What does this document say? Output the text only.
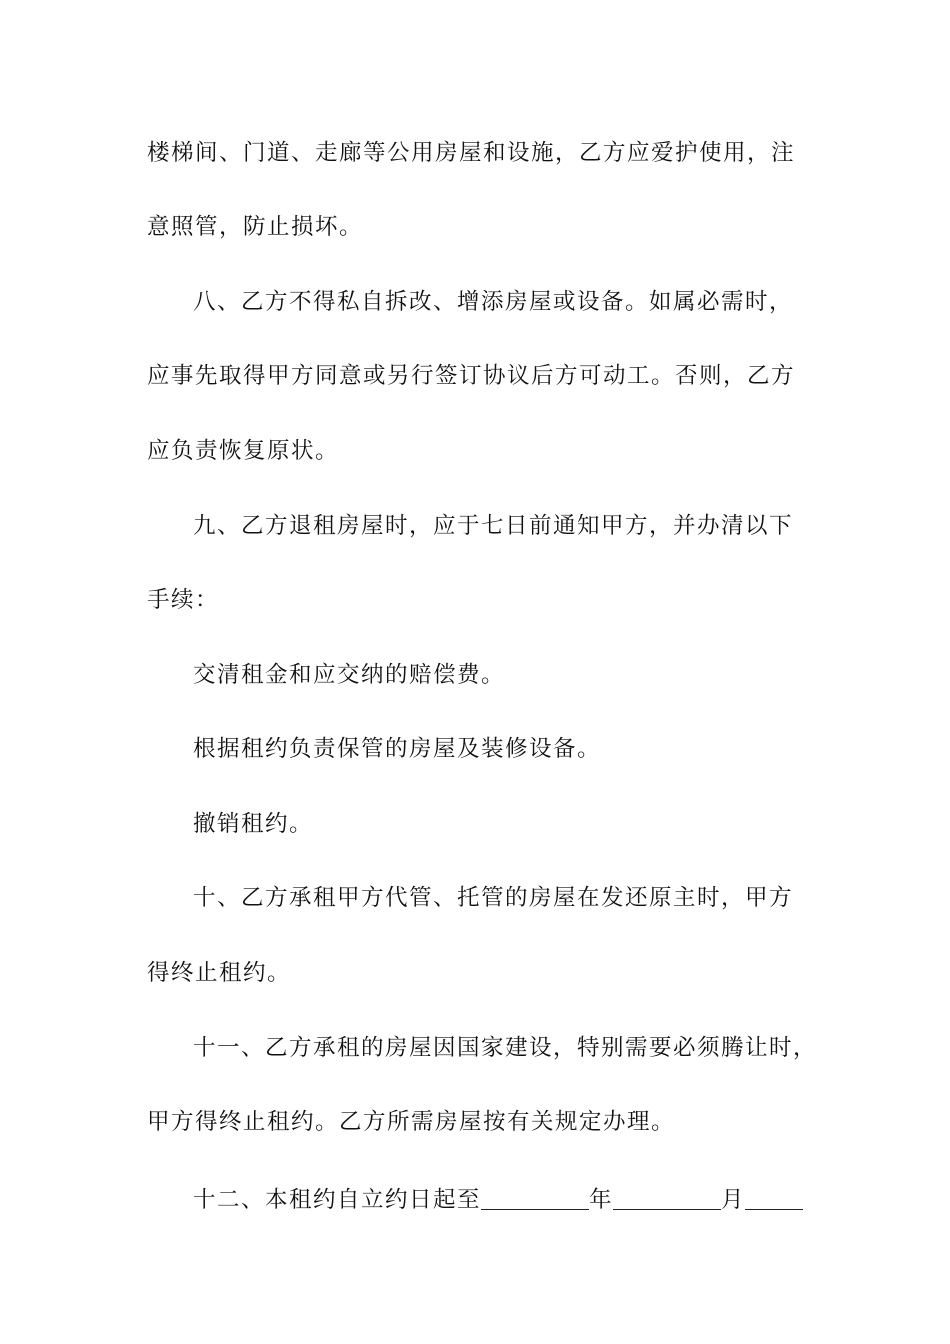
楼梯间、门道、走廊等公用房屋和设施，乙方应爱护使用，注
意照管，防止损坏。
八、乙方不得私自拆改、增添房屋或设备。如属必需时，
应事先取得甲方同意或另行签订协议后方可动工。否则，乙方
应负责恢复原状。
九、乙方退租房屋时，应于七日前通知甲方，并办清以下
手续：
交清租金和应交纳的赔偿费。
根据租约负责保管的房屋及装修设备。
撤销租约。
十、乙方承租甲方代管、托管的房屋在发还原主时，甲方
得终止租约。
十一、乙方承租的房屋因国家建设，特别需要必须腾让时，
甲方得终止租约。乙方所需房屋按有关规定办理。
十二、本租约自立约日起至	年	月
